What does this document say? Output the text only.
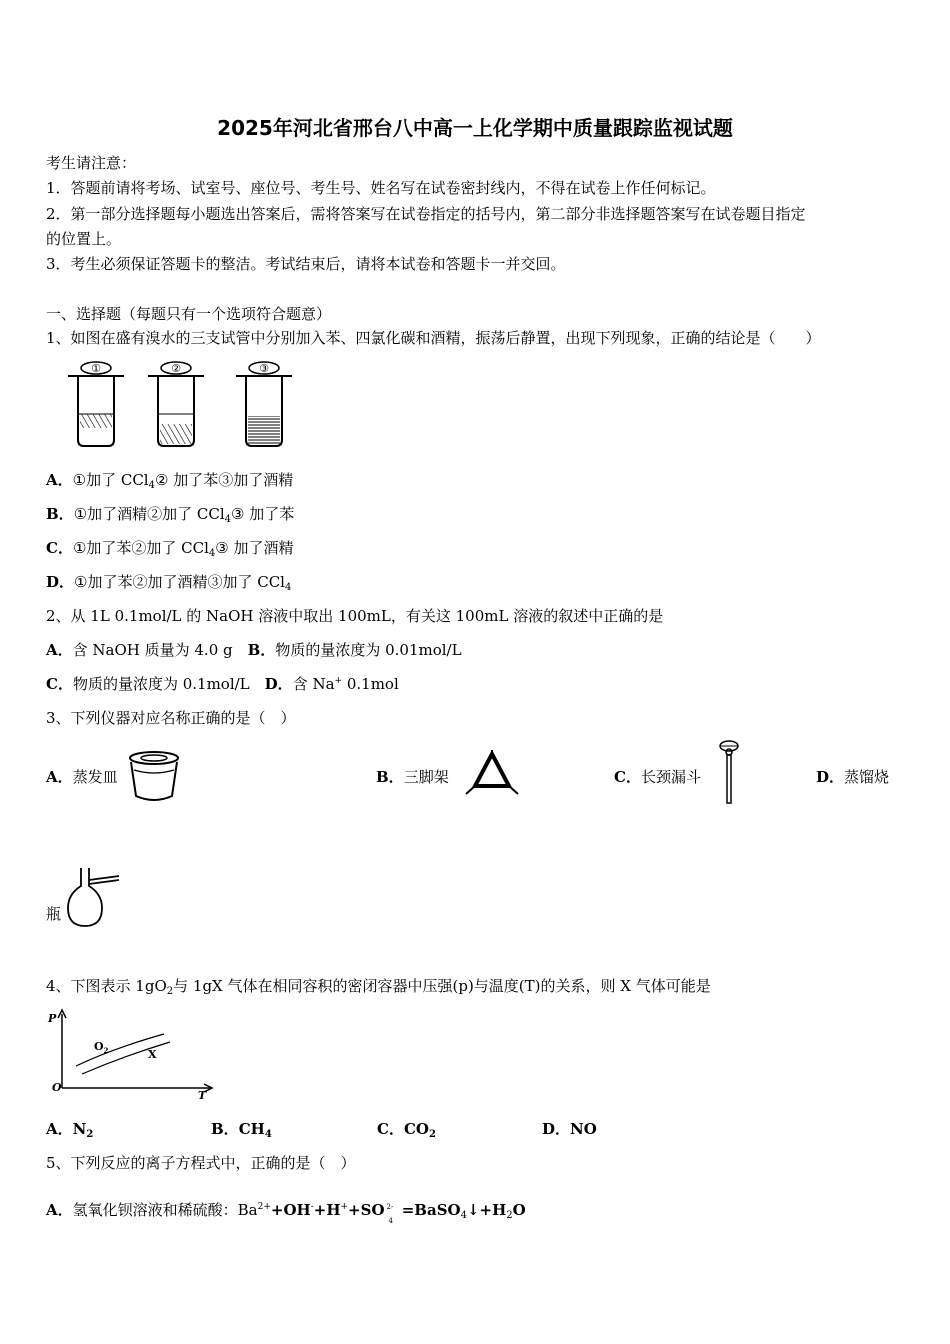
2025年河北省邢台八中高一上化学期中质量跟踪监视试题
考生请注意：
1．答题前请将考场、试室号、座位号、考生号、姓名写在试卷密封线内，不得在试卷上作任何标记。
2．第一部分选择题每小题选出答案后，需将答案写在试卷指定的括号内，第二部分非选择题答案写在试卷题目指定
的位置上。
3．考生必须保证答题卡的整洁。考试结束后，请将本试卷和答题卡一并交回。
一、选择题（每题只有一个选项符合题意）
1、如图在盛有溴水的三支试管中分别加入苯、四氯化碳和酒精，振荡后静置，出现下列现象，正确的结论是（　　）
①	②	③
A．①加了 CCl$_4$② 加了苯③加了酒精
B．①加了酒精②加了 CCl$_4$③ 加了苯
C．①加了苯②加了 CCl$_4$③ 加了酒精
D．①加了苯②加了酒精③加了 CCl$_4$
2、从 1L 0.1mol/L 的 NaOH 溶液中取出 100mL，有关这 100mL 溶液的叙述中正确的是
A．含 NaOH 质量为 4.0 g　 B．物质的量浓度为 0.01mol/L
C．物质的量浓度为 0.1mol/L　 D．含 Na+ 0.1mol
3、下列仪器对应名称正确的是（　）
A．蒸发皿	B．三脚架	C．长颈漏斗	D．蒸馏烧
瓶
4、下图表示 $1gO_2$与 1gX 气体在相同容积的密闭容器中压强(p)与温度(T)的关系，则 X 气体可能是
P
T
O
$O_2$	X
A．$N_2$	B．$CH_4$	C．$CO_2$	D．NO
5、下列反应的离子方程式中，正确的是（　）
A．氢氧化钡溶液和稀硫酸：$Ba^{2+}+OH^-+H^++SO$ 2-
4
$=BaSO_4↓+H_2O$
